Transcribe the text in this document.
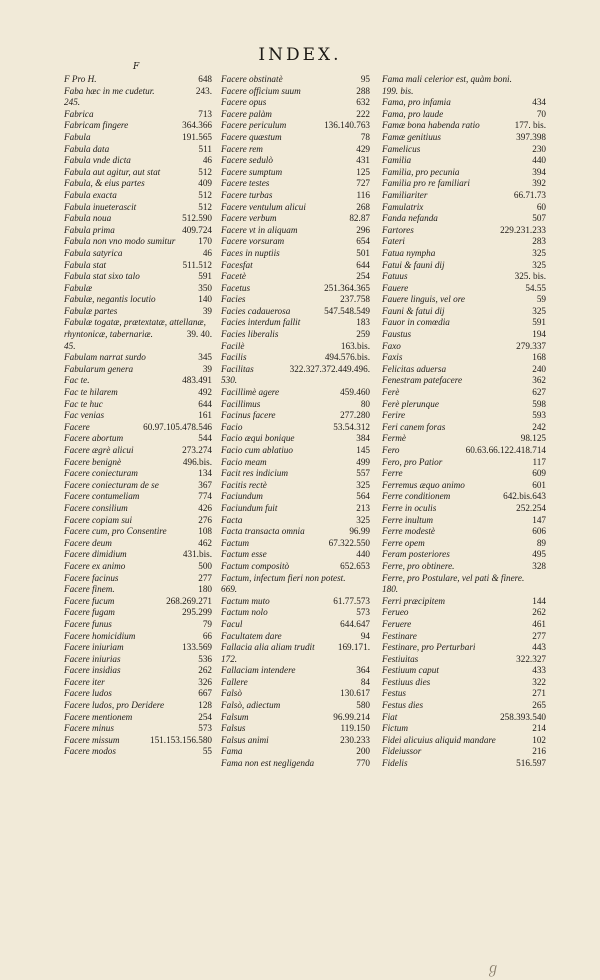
INDEX.
F
648
F Pro H.
243.
Faba hæc in me cudetur.
245.
713
Fabrica
364.366
Fabricam fingere
191.565
Fabula
511
Fabula data
46
Fabula vnde dicta
512
Fabula aut agitur, aut stat
409
Fabula, & eius partes
512
Fabula exacta
512
Fabula inueterascit
512.590
Fabula noua
409.724
Fabula prima
170
Fabula non vno modo sumitur
46
Fabula satyrica
511.512
Fabula stat
591
Fabula stat sixo talo
350
Fabulæ
140
Fabulæ, negantis locutio
39
Fabulæ partes
Fabulæ togatæ, prætextatæ, attellanæ,
39. 40.
rhyntonicæ, tabernariæ.
45.
345
Fabulam narrat surdo
39
Fabularum genera
483.491
Fac te.
492
Fac te hilarem
644
Fac te huc
161
Fac venias
60.97.105.478.546
Facere
544
Facere abortum
273.274
Facere ægrè alicui
496.bis.
Facere benignè
134
Facere coniecturam
367
Facere coniecturam de se
774
Facere contumeliam
426
Facere consilium
276
Facere copiam sui
108
Facere cum, pro Consentire
462
Facere deum
431.bis.
Facere dimidium
500
Facere ex animo
277
Facere facinus
180
Facere finem.
268.269.271
Facere fucum
295.299
Facere fugam
79
Facere funus
66
Facere homicidium
133.569
Facere iniuriam
536
Facere iniurias
262
Facere insidias
326
Facere iter
667
Facere ludos
128
Facere ludos, pro Deridere
254
Facere mentionem
573
Facere minus
151.153.156.580
Facere missum
55
Facere modos
95
Facere obstinatè
288
Facere officium suum
632
Facere opus
222
Facere palàm
136.140.763
Facere periculum
78
Facere quæstum
429
Facere rem
431
Facere sedulò
125
Facere sumptum
727
Facere testes
116
Facere turbas
268
Facere ventulum alicui
82.87
Facere verbum
296
Facere vt in aliquam
654
Facere vorsuram
501
Faces in nuptiis
644
Facesfat
254
Facetè
251.364.365
Facetus
237.758
Facies
547.548.549
Facies cadauerosa
183
Facies interdum fallit
259
Facies liberalis
163.bis.
Facilè
494.576.bis.
Facilis
322.327.372.449.496.
Facilitas
530.
459.460
Facillimè agere
80
Facillimus
277.280
Facinus facere
53.54.312
Facio
384
Facio æqui bonique
145
Facio cum ablatiuo
499
Facio meam
557
Facit res indicium
325
Facitis rectè
564
Faciundum
213
Faciundum fuit
325
Facta
96.99
Facta transacta omnia
67.322.550
Factum
440
Factum esse
652.653
Factum compositò
Factum, infectum fieri non potest.
669.
61.77.573
Factum muto
573
Factum nolo
644.647
Facul
94
Facultatem dare
169.171.
Fallacia alia aliam trudit
172.
364
Fallaciam intendere
84
Fallere
130.617
Falsò
580
Falsò, adiectum
96.99.214
Falsum
119.150
Falsus
230.233
Falsus animi
200
Fama
770
Fama non est negligenda
Fama mali celerior est, quàm boni.
199. bis.
434
Fama, pro infamia
70
Fama, pro laude
177. bis.
Famæ bona habenda ratio
397.398
Famæ genitiuus
230
Famelicus
440
Familia
394
Familia, pro pecunia
392
Familia pro re familiari
66.71.73
Familiariter
60
Famulatrix
507
Fanda nefanda
229.231.233
Fartores
283
Fateri
325
Fatua nympha
325
Fatui & fauni dij
325. bis.
Fatuus
54.55
Fauere
59
Fauere linguis, vel ore
325
Fauni & fatui dij
591
Fauor in comœdia
194
Faustus
279.337
Faxo
168
Faxis
240
Felicitas aduersa
362
Fenestram patefacere
627
Ferè
598
Ferè plerunque
593
Ferire
242
Feri canem foras
98.125
Fermè
60.63.66.122.418.714
Fero
117
Fero, pro Patior
609
Ferre
601
Ferremus æquo animo
642.bis.643
Ferre conditionem
252.254
Ferre in oculis
147
Ferre inultum
606
Ferre modestè
89
Ferre opem
495
Feram posteriores
328
Ferre, pro obtinere.
Ferre, pro Postulare, vel pati & finere.
180.
144
Ferri præcipitem
262
Ferueo
461
Feruere
277
Festinare
443
Festinare, pro Perturbari
322.327
Festiuitas
433
Festiuum caput
322
Festiuus dies
271
Festus
265
Festus dies
258.393.540
Fiat
214
Fictum
102
Fidei alicuius aliquid mandare
216
Fideiussor
516.597
Fidelis
ℊ
